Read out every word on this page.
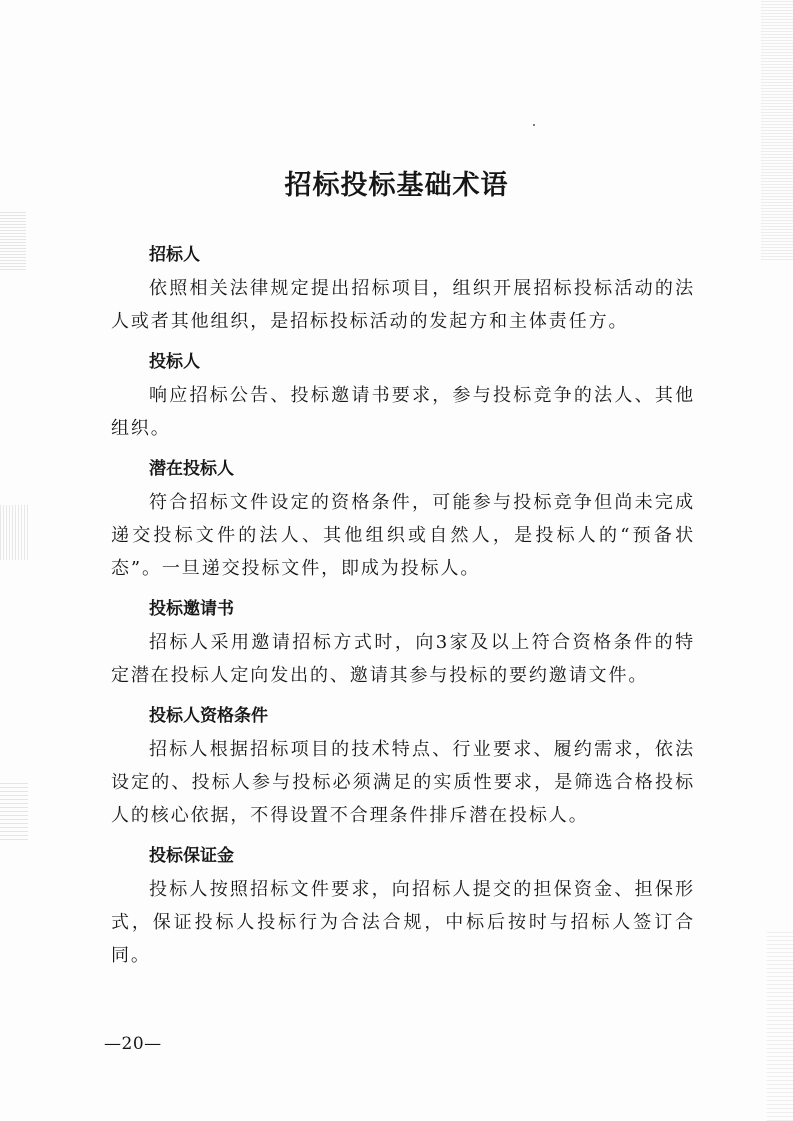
招标投标基础术语
招标人

依照相关法律规定提出招标项目，组织开展招标投标活动的法人或者其他组织，是招标投标活动的发起方和主体责任方。

投标人

响应招标公告、投标邀请书要求，参与投标竞争的法人、其他组织。

潜在投标人

符合招标文件设定的资格条件，可能参与投标竞争但尚未完成递交投标文件的法人、其他组织或自然人，是投标人的“预备状态”。一旦递交投标文件，即成为投标人。

投标邀请书

招标人采用邀请招标方式时，向3家及以上符合资格条件的特定潜在投标人定向发出的、邀请其参与投标的要约邀请文件。

投标人资格条件

招标人根据招标项目的技术特点、行业要求、履约需求，依法设定的、投标人参与投标必须满足的实质性要求，是筛选合格投标人的核心依据，不得设置不合理条件排斥潜在投标人。

投标保证金

投标人按照招标文件要求，向招标人提交的担保资金、担保形式，保证投标人投标行为合法合规，中标后按时与招标人签订合同。

—20—
